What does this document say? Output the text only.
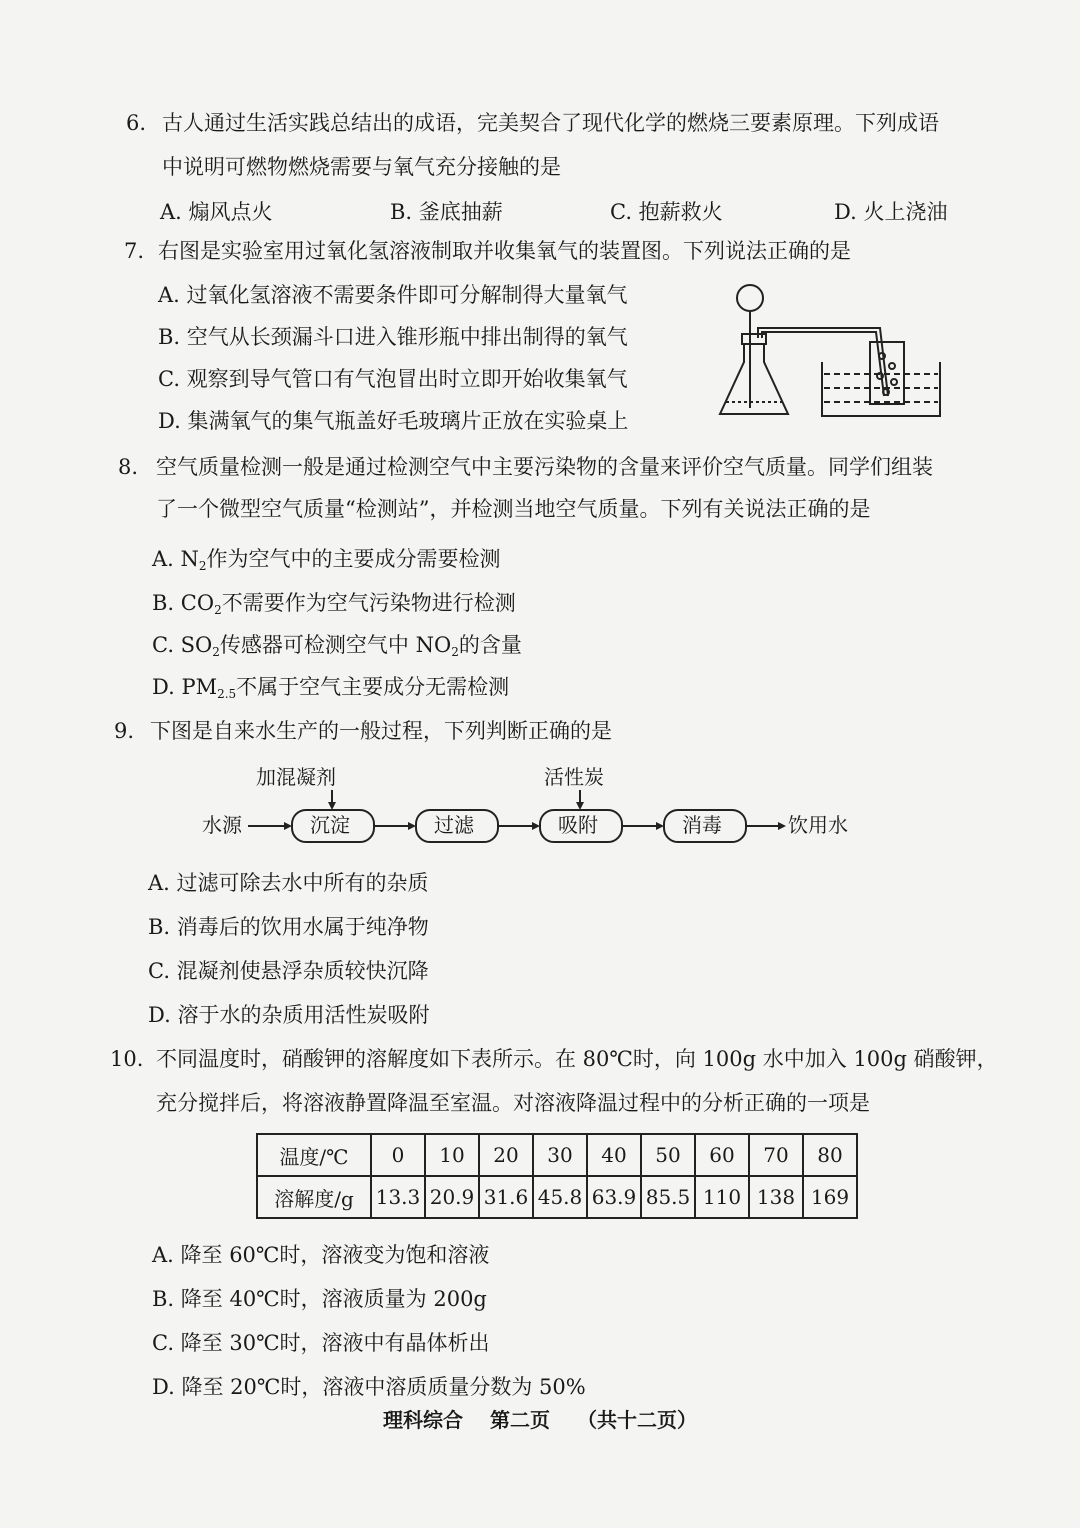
6. 古人通过生活实践总结出的成语，完美契合了现代化学的燃烧三要素原理。下列成语
中说明可燃物燃烧需要与氧气充分接触的是
A. 煽风点火	B. 釜底抽薪	C. 抱薪救火	D. 火上浇油
7. 右图是实验室用过氧化氢溶液制取并收集氧气的装置图。下列说法正确的是
A. 过氧化氢溶液不需要条件即可分解制得大量氧气
B. 空气从长颈漏斗口进入锥形瓶中排出制得的氧气
C. 观察到导气管口有气泡冒出时立即开始收集氧气
D. 集满氧气的集气瓶盖好毛玻璃片正放在实验桌上
8. 空气质量检测一般是通过检测空气中主要污染物的含量来评价空气质量。同学们组装
了一个微型空气质量“检测站”，并检测当地空气质量。下列有关说法正确的是
A. $N_2$作为空气中的主要成分需要检测
B. $CO_2$不需要作为空气污染物进行检测
C. $SO_2$传感器可检测空气中 $NO_2$的含量
D. $PM_{2.5}$不属于空气主要成分无需检测
9. 下图是自来水生产的一般过程，下列判断正确的是
加混凝剂	活性炭
水源	沉淀	过滤	吸附	消毒	饮用水
A. 过滤可除去水中所有的杂质
B. 消毒后的饮用水属于纯净物
C. 混凝剂使悬浮杂质较快沉降
D. 溶于水的杂质用活性炭吸附
10. 不同温度时，硝酸钾的溶解度如下表所示。在 80℃时，向 100g 水中加入 100g 硝酸钾，
充分搅拌后，将溶液静置降温至室温。对溶液降温过程中的分析正确的一项是
温度/℃	0	10	20	30	40	50	60	70	80
溶解度/g	13.3	20.9	31.6	45.8	63.9	85.5	110	138	169
A. 降至 60℃时，溶液变为饱和溶液
B. 降至 40℃时，溶液质量为 200g
C. 降至 30℃时，溶液中有晶体析出
D. 降至 20℃时，溶液中溶质质量分数为 50%
理科综合 第二页 （共十二页）
